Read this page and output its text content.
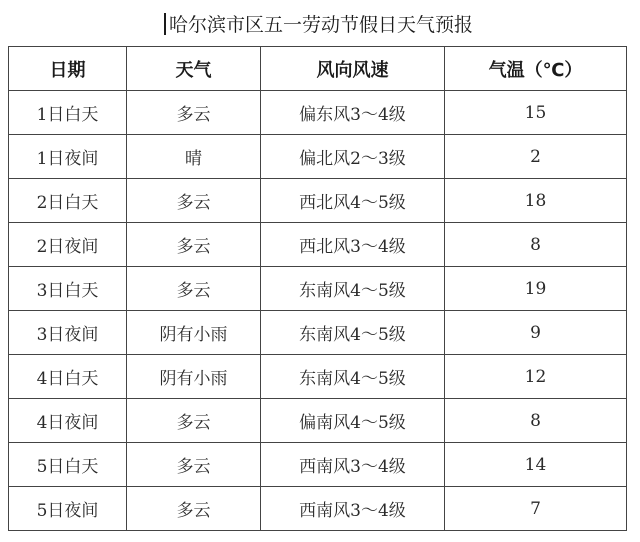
哈尔滨市区五一劳动节假日天气预报
日期	天气	风向风速	气温（℃）
1日白天	多云	偏东风3～4级	15
1日夜间	晴	偏北风2～3级	2
2日白天	多云	西北风4～5级	18
2日夜间	多云	西北风3～4级	8
3日白天	多云	东南风4～5级	19
3日夜间	阴有小雨	东南风4～5级	9
4日白天	阴有小雨	东南风4～5级	12
4日夜间	多云	偏南风4～5级	8
5日白天	多云	西南风3～4级	14
5日夜间	多云	西南风3～4级	7
